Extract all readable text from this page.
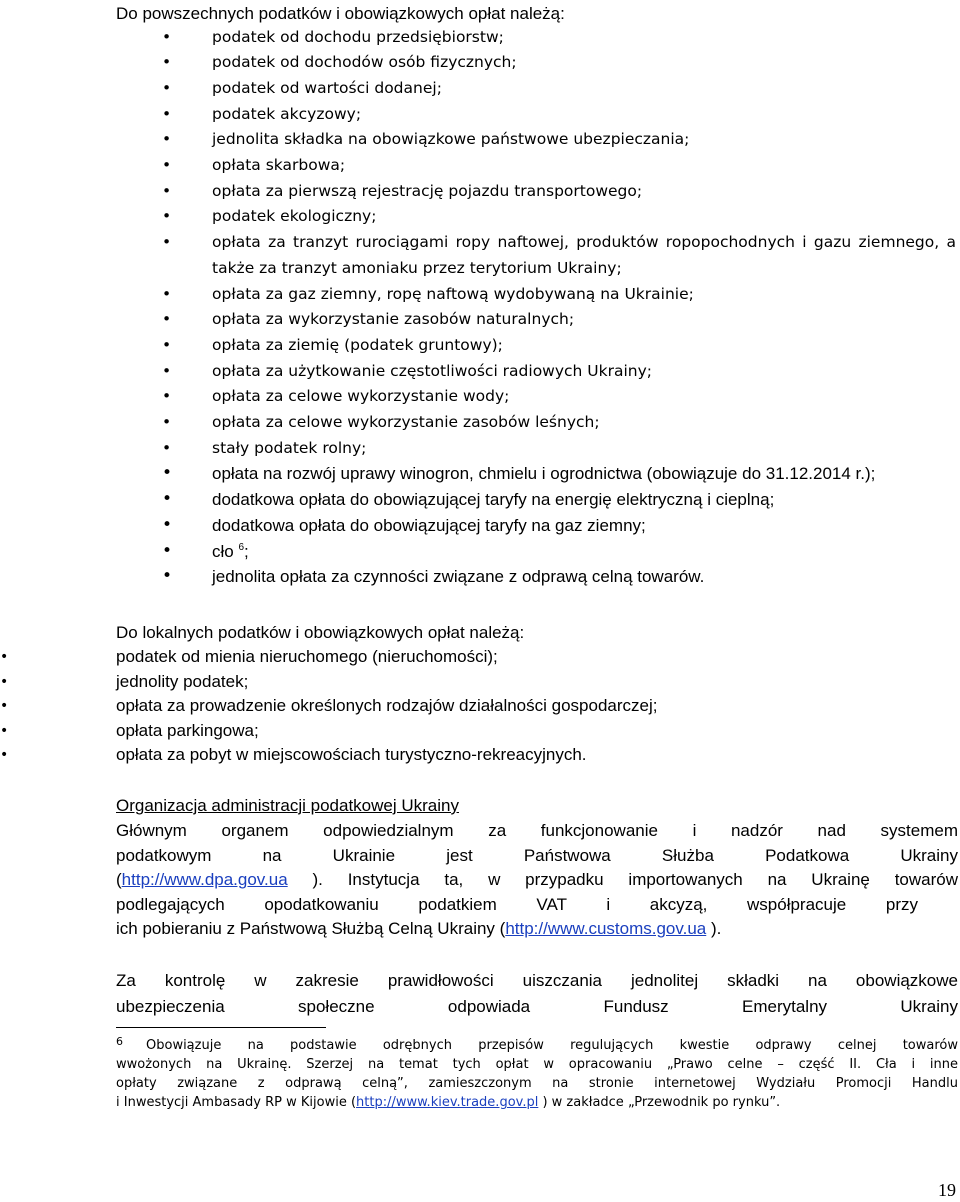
Do powszechnych podatków i obowiązkowych opłat należą:
•	podatek od dochodu przedsiębiorstw;
•	podatek od dochodów osób fizycznych;
•	podatek od wartości dodanej;
•	podatek akcyzowy;
•	jednolita składka na obowiązkowe państwowe ubezpieczania;
•	opłata skarbowa;
•	opłata za pierwszą rejestrację pojazdu transportowego;
•	podatek ekologiczny;
•	opłata za tranzyt rurociągami ropy naftowej, produktów ropopochodnych i gazu ziemnego, a także za tranzyt amoniaku przez terytorium Ukrainy;
•	opłata za gaz ziemny, ropę naftową wydobywaną na Ukrainie;
•	opłata za wykorzystanie zasobów naturalnych;
•	opłata za ziemię (podatek gruntowy);
•	opłata za użytkowanie częstotliwości radiowych Ukrainy;
•	opłata za celowe wykorzystanie wody;
•	opłata za celowe wykorzystanie zasobów leśnych;
•	stały podatek rolny;
• opłata na rozwój uprawy winogron, chmielu i ogrodnictwa (obowiązuje do 31.12.2014 r.);
• dodatkowa opłata do obowiązującej taryfy na energię elektryczną i cieplną;
• dodatkowa opłata do obowiązującej taryfy na gaz ziemny;
• cło $^6$;
• jednolita opłata za czynności związane z odprawą celną towarów.
Do lokalnych podatków i obowiązkowych opłat należą:
•	podatek od mienia nieruchomego (nieruchomości);
•	jednolity podatek;
•	opłata za prowadzenie określonych rodzajów działalności gospodarczej;
•	opłata parkingowa;
•	opłata za pobyt w miejscowościach turystyczno-rekreacyjnych.
Organizacja administracji podatkowej Ukrainy
Głównym organem odpowiedzialnym za funkcjonowanie i nadzór nad systemem
podatkowym na Ukrainie jest Państwowa Służba Podatkowa Ukrainy
(http://www.dpa.gov.ua ). Instytucja ta, w przypadku importowanych na Ukrainę towarów
podlegających opodatkowaniu podatkiem VAT i akcyzą, współpracuje przy
ich pobieraniu z Państwową Służbą Celną Ukrainy (http://www.customs.gov.ua ).
Za kontrolę w zakresie prawidłowości uiszczania jednolitej składki na obowiązkowe
ubezpieczenia społeczne odpowiada Fundusz Emerytalny Ukrainy
6 Obowiązuje na podstawie odrębnych przepisów regulujących kwestie odprawy celnej towarów
wwożonych na Ukrainę. Szerzej na temat tych opłat w opracowaniu „Prawo celne – część II. Cła i inne
opłaty związane z odprawą celną”, zamieszczonym na stronie internetowej Wydziału Promocji Handlu
i Inwestycji Ambasady RP w Kijowie (http://www.kiev.trade.gov.pl ) w zakładce „Przewodnik po rynku”.
19
